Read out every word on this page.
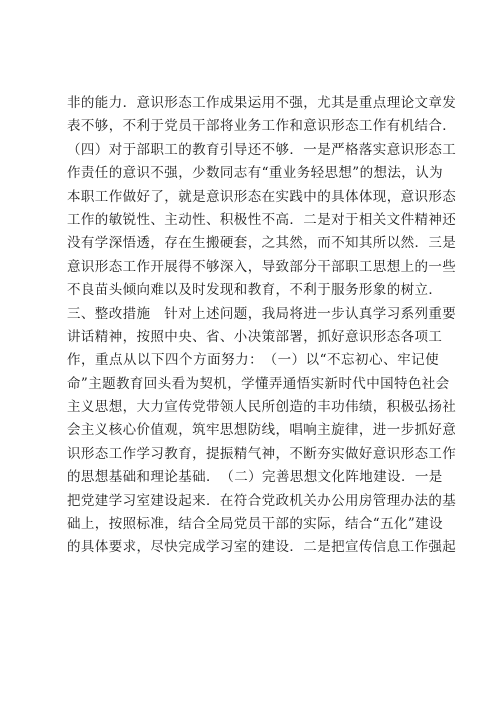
非的能力．意识形态工作成果运用不强，尤其是重点理论文章发
表不够，不利于党员干部将业务工作和意识形态工作有机结合．
（四）对于部职工的教育引导还不够．一是严格落实意识形态工
作责任的意识不强，少数同志有“重业务轻思想”的想法，认为
本职工作做好了，就是意识形态在实践中的具体体现，意识形态
工作的敏锐性、主动性、积极性不高．二是对于相关文件精神还
没有学深悟透，存在生搬硬套，之其然，而不知其所以然．三是
意识形态工作开展得不够深入，导致部分干部职工思想上的一些
不良苗头倾向难以及时发现和教育，不利于服务形象的树立．
三、整改措施　针对上述问题，我局将进一步认真学习系列重要
讲话精神，按照中央、省、小决策部署，抓好意识形态各项工
作，重点从以下四个方面努力：　（一）以“不忘初心、牢记使
命”主题教育回头看为契机，学懂弄通悟实新时代中国特色社会
主义思想，大力宣传党带领人民所创造的丰功伟绩，积极弘扬社
会主义核心价值观，筑牢思想防线，唱响主旋律，进一步抓好意
识形态工作学习教育，提振精气神，不断夯实做好意识形态工作
的思想基础和理论基础．　（二）完善思想文化阵地建设．一是
把党建学习室建设起来．在符合党政机关办公用房管理办法的基
础上，按照标准，结合全局党员干部的实际，结合“五化”建设
的具体要求，尽快完成学习室的建设．二是把宣传信息工作强起
